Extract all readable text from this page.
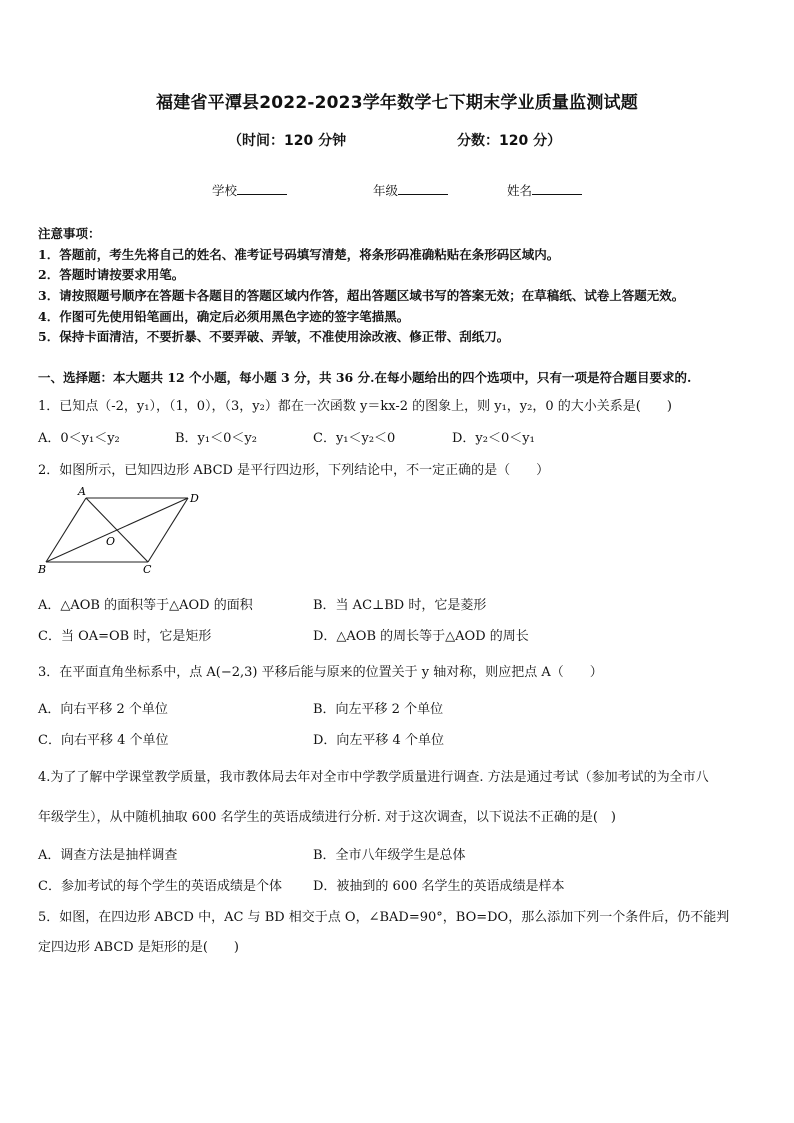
福建省平潭县2022-2023学年数学七下期末学业质量监测试题
（时间：120 分钟	分数：120 分）
学校	年级	姓名
注意事项：
1．答题前，考生先将自己的姓名、准考证号码填写清楚，将条形码准确粘贴在条形码区域内。
2．答题时请按要求用笔。
3．请按照题号顺序在答题卡各题目的答题区域内作答，超出答题区域书写的答案无效；在草稿纸、试卷上答题无效。
4．作图可先使用铅笔画出，确定后必须用黑色字迹的签字笔描黑。
5．保持卡面清洁，不要折暴、不要弄破、弄皱，不准使用涂改液、修正带、刮纸刀。
一、选择题：本大题共 12 个小题，每小题 3 分，共 36 分.在每小题给出的四个选项中，只有一项是符合题目要求的.
1．已知点（-2，y₁），（1，0），（3，y₂）都在一次函数 y＝kx-2 的图象上，则 y₁，y₂，0 的大小关系是(　　)
A．0＜y₁＜y₂	B．y₁＜0＜y₂	C．y₁＜y₂＜0	D．y₂＜0＜y₁
2．如图所示，已知四边形 ABCD 是平行四边形，下列结论中，不一定正确的是（　　）
A
D
O
B	C
A．△AOB 的面积等于△AOD 的面积	B．当 AC⊥BD 时，它是菱形
C．当 OA=OB 时，它是矩形	D．△AOB 的周长等于△AOD 的周长
3．在平面直角坐标系中，点 A(−2,3) 平移后能与原来的位置关于 y 轴对称，则应把点 A（　　）
A．向右平移 2 个单位	B．向左平移 2 个单位
C．向右平移 4 个单位	D．向左平移 4 个单位
4.为了了解中学课堂教学质量，我市教体局去年对全市中学教学质量进行调查. 方法是通过考试（参加考试的为全市八
年级学生），从中随机抽取 600 名学生的英语成绩进行分析. 对于这次调查，以下说法不正确的是(　)
A．调查方法是抽样调查	B．全市八年级学生是总体
C．参加考试的每个学生的英语成绩是个体 D．被抽到的 600 名学生的英语成绩是样本
5．如图，在四边形 ABCD 中，AC 与 BD 相交于点 O，∠BAD=90°，BO=DO，那么添加下列一个条件后，仍不能判
定四边形 ABCD 是矩形的是(　　)
